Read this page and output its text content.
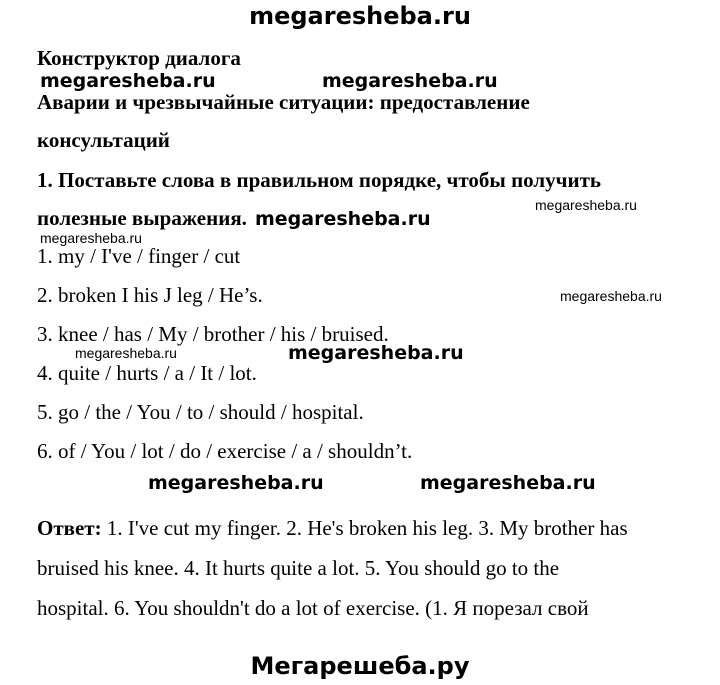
megaresheba.ru
Конструктор диалога
Аварии и чрезвычайные ситуации: предоставление
консультаций
1. Поставьте слова в правильном порядке, чтобы получить
полезные выражения.
1. my / I've / finger / cut
2. broken I his J leg / He’s.
3. knee / has / My / brother / his / bruised.
4. quite / hurts / a / It / lot.
5. go / the / You / to / should / hospital.
6. of / You / lot / do / exercise / a / shouldn’t.
Ответ: 1. I've cut my finger. 2. He's broken his leg. 3. My brother has
bruised his knee. 4. It hurts quite a lot. 5. You should go to the
hospital. 6. You shouldn't do a lot of exercise. (1. Я порезал свой
megaresheba.ru	megaresheba.ru
megaresheba.ru
megaresheba.ru
megaresheba.ru
megaresheba.ru
megaresheba.ru	megaresheba.ru
megaresheba.ru	megaresheba.ru
Мегарешеба.ру
